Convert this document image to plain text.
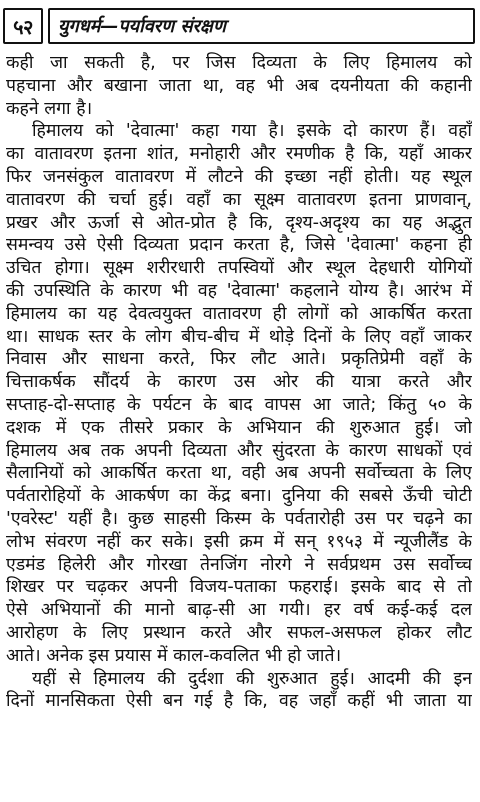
५२	युगधर्म—पर्यावरण संरक्षण
कही जा सकती है, पर जिस दिव्यता के लिए हिमालय को
पहचाना और बखाना जाता था, वह भी अब दयनीयता की कहानी
कहने लगा है।
हिमालय को 'देवात्मा' कहा गया है। इसके दो कारण हैं। वहाँ
का वातावरण इतना शांत, मनोहारी और रमणीक है कि, यहाँ आकर
फिर जनसंकुल वातावरण में लौटने की इच्छा नहीं होती। यह स्थूल
वातावरण की चर्चा हुई। वहाँ का सूक्ष्म वातावरण इतना प्राणवान्,
प्रखर और ऊर्जा से ओत-प्रोत है कि, दृश्य-अदृश्य का यह अद्भुत
समन्वय उसे ऐसी दिव्यता प्रदान करता है, जिसे 'देवात्मा' कहना ही
उचित होगा। सूक्ष्म शरीरधारी तपस्वियों और स्थूल देहधारी योगियों
की उपस्थिति के कारण भी वह 'देवात्मा' कहलाने योग्य है। आरंभ में
हिमालय का यह देवत्वयुक्त वातावरण ही लोगों को आकर्षित करता
था। साधक स्तर के लोग बीच-बीच में थोड़े दिनों के लिए वहाँ जाकर
निवास और साधना करते, फिर लौट आते। प्रकृतिप्रेमी वहाँ के
चित्ताकर्षक सौंदर्य के कारण उस ओर की यात्रा करते और
सप्ताह-दो-सप्ताह के पर्यटन के बाद वापस आ जाते; किंतु ५० के
दशक में एक तीसरे प्रकार के अभियान की शुरुआत हुई। जो
हिमालय अब तक अपनी दिव्यता और सुंदरता के कारण साधकों एवं
सैलानियों को आकर्षित करता था, वही अब अपनी सर्वोच्चता के लिए
पर्वतारोहियों के आकर्षण का केंद्र बना। दुनिया की सबसे ऊँची चोटी
'एवरेस्ट' यहीं है। कुछ साहसी किस्म के पर्वतारोही उस पर चढ़ने का
लोभ संवरण नहीं कर सके। इसी क्रम में सन् १९५३ में न्यूजीलैंड के
एडमंड हिलेरी और गोरखा तेनजिंग नोरगे ने सर्वप्रथम उस सर्वोच्च
शिखर पर चढ़कर अपनी विजय-पताका फहराई। इसके बाद से तो
ऐसे अभियानों की मानो बाढ़-सी आ गयी। हर वर्ष कई-कई दल
आरोहण के लिए प्रस्थान करते और सफल-असफल होकर लौट
आते। अनेक इस प्रयास में काल-कवलित भी हो जाते।
यहीं से हिमालय की दुर्दशा की शुरुआत हुई। आदमी की इन
दिनों मानसिकता ऐसी बन गई है कि, वह जहाँ कहीं भी जाता या
